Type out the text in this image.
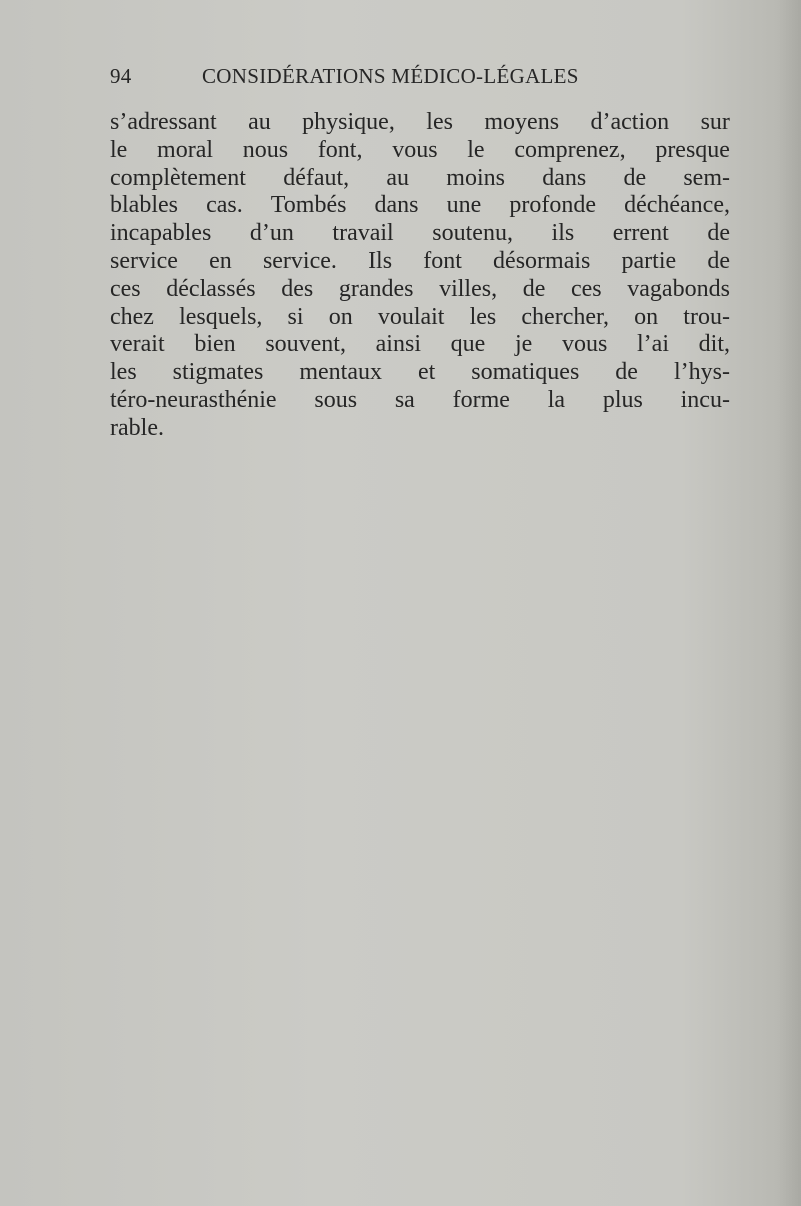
94	CONSIDÉRATIONS MÉDICO-LÉGALES
s’adressant au physique, les moyens d’action sur
le moral nous font, vous le comprenez, presque
complètement défaut, au moins dans de sem-
blables cas. Tombés dans une profonde déchéance,
incapables d’un travail soutenu, ils errent de
service en service. Ils font désormais partie de
ces déclassés des grandes villes, de ces vagabonds
chez lesquels, si on voulait les chercher, on trou-
verait bien souvent, ainsi que je vous l’ai dit,
les stigmates mentaux et somatiques de l’hys-
téro-neurasthénie sous sa forme la plus incu-
rable.
